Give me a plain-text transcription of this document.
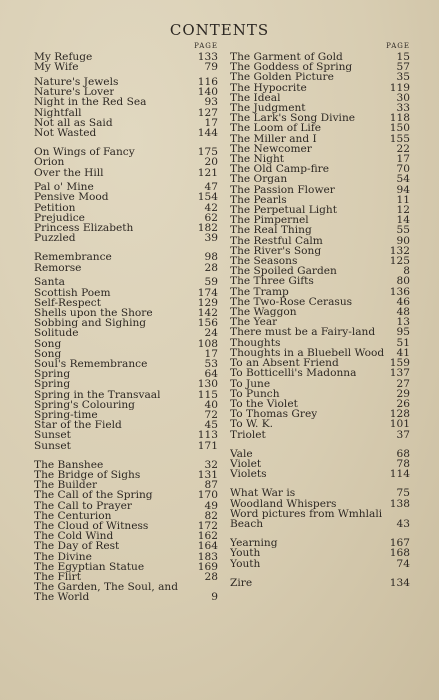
CONTENTS
PAGE
My Refuge	133
My Wife	79
Nature's Jewels	116
Nature's Lover	140
Night in the Red Sea	93
Nightfall	127
Not all as Said	17
Not Wasted	144
On Wings of Fancy	175
Orion	20
Over the Hill	121
Pal o' Mine	47
Pensive Mood	154
Petition	42
Prejudice	62
Princess Elizabeth	182
Puzzled	39
Remembrance	98
Remorse	28
Santa	59
Scottish Poem	174
Self-Respect	129
Shells upon the Shore	142
Sobbing and Sighing	156
Solitude	24
Song	108
Song	17
Soul's Remembrance	53
Spring	64
Spring	130
Spring in the Transvaal	115
Spring's Colouring	40
Spring-time	72
Star of the Field	45
Sunset	113
Sunset	171
The Banshee	32
The Bridge of Sighs	131
The Builder	87
The Call of the Spring	170
The Call to Prayer	49
The Centurion	82
The Cloud of Witness	172
The Cold Wind	162
The Day of Rest	164
The Divine	183
The Egyptian Statue	169
The Flirt	28
The Garden, The Soul, and
The World	9
PAGE
The Garment of Gold	15
The Goddess of Spring	57
The Golden Picture	35
The Hypocrite	119
The Ideal	30
The Judgment	33
The Lark's Song Divine	118
The Loom of Life	150
The Miller and I	155
The Newcomer	22
The Night	17
The Old Camp-fire	70
The Organ	54
The Passion Flower	94
The Pearls	11
The Perpetual Light	12
The Pimpernel	14
The Real Thing	55
The Restful Calm	90
The River's Song	132
The Seasons	125
The Spoiled Garden	8
The Three Gifts	80
The Tramp	136
The Two-Rose Cerasus	46
The Waggon	48
The Year	13
There must be a Fairy-land	95
Thoughts	51
Thoughts in a Bluebell Wood	41
To an Absent Friend	159
To Botticelli's Madonna	137
To June	27
To Punch	29
To the Violet	26
To Thomas Grey	128
To W. K.	101
Triolet	37
Vale	68
Violet	78
Violets	114
What War is	75
Woodland Whispers	138
Word pictures from Wmhlali
Beach	43
Yearning	167
Youth	168
Youth	74
Zire	134
